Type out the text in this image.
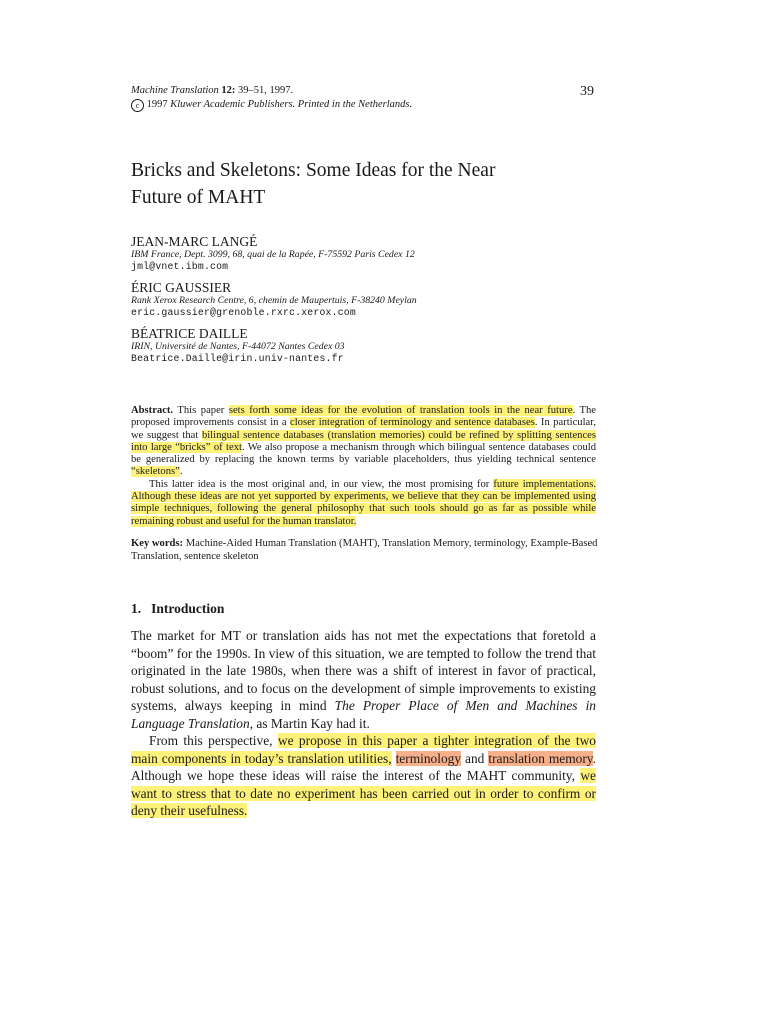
Machine Translation 12: 39–51, 1997.
c 1997 Kluwer Academic Publishers. Printed in the Netherlands.
39
Bricks and Skeletons: Some Ideas for the Near
Future of MAHT
JEAN-MARC LANGÉ
IBM France, Dept. 3099, 68, quai de la Rapée, F-75592 Paris Cedex 12
jml@vnet.ibm.com
ÉRIC GAUSSIER
Rank Xerox Research Centre, 6, chemin de Maupertuis, F-38240 Meylan
eric.gaussier@grenoble.rxrc.xerox.com
BÉATRICE DAILLE
IRIN, Université de Nantes, F-44072 Nantes Cedex 03
Beatrice.Daille@irin.univ-nantes.fr

Abstract. This paper sets forth some ideas for the evolution of translation tools in the near future. The proposed improvements consist in a closer integration of terminology and sentence databases. In particular, we suggest that bilingual sentence databases (translation memories) could be refined by splitting sentences into large “bricks” of text. We also propose a mechanism through which bilingual sentence databases could be generalized by replacing the known terms by variable placeholders, thus yielding technical sentence “skeletons”.

This latter idea is the most original and, in our view, the most promising for future implementations. Although these ideas are not yet supported by experiments, we believe that they can be implemented using simple techniques, following the general philosophy that such tools should go as far as possible while remaining robust and useful for the human translator.

Key words: Machine-Aided Human Translation (MAHT), Translation Memory, terminology, Example-Based Translation, sentence skeleton
1. Introduction

The market for MT or translation aids has not met the expectations that foretold a “boom” for the 1990s. In view of this situation, we are tempted to follow the trend that originated in the late 1980s, when there was a shift of interest in favor of practical, robust solutions, and to focus on the development of simple improvements to existing systems, always keeping in mind The Proper Place of Men and Machines in Language Translation, as Martin Kay had it.

From this perspective, we propose in this paper a tighter integration of the two main components in today’s translation utilities, terminology and translation memory. Although we hope these ideas will raise the interest of the MAHT community, we want to stress that to date no experiment has been carried out in order to confirm or deny their usefulness.
